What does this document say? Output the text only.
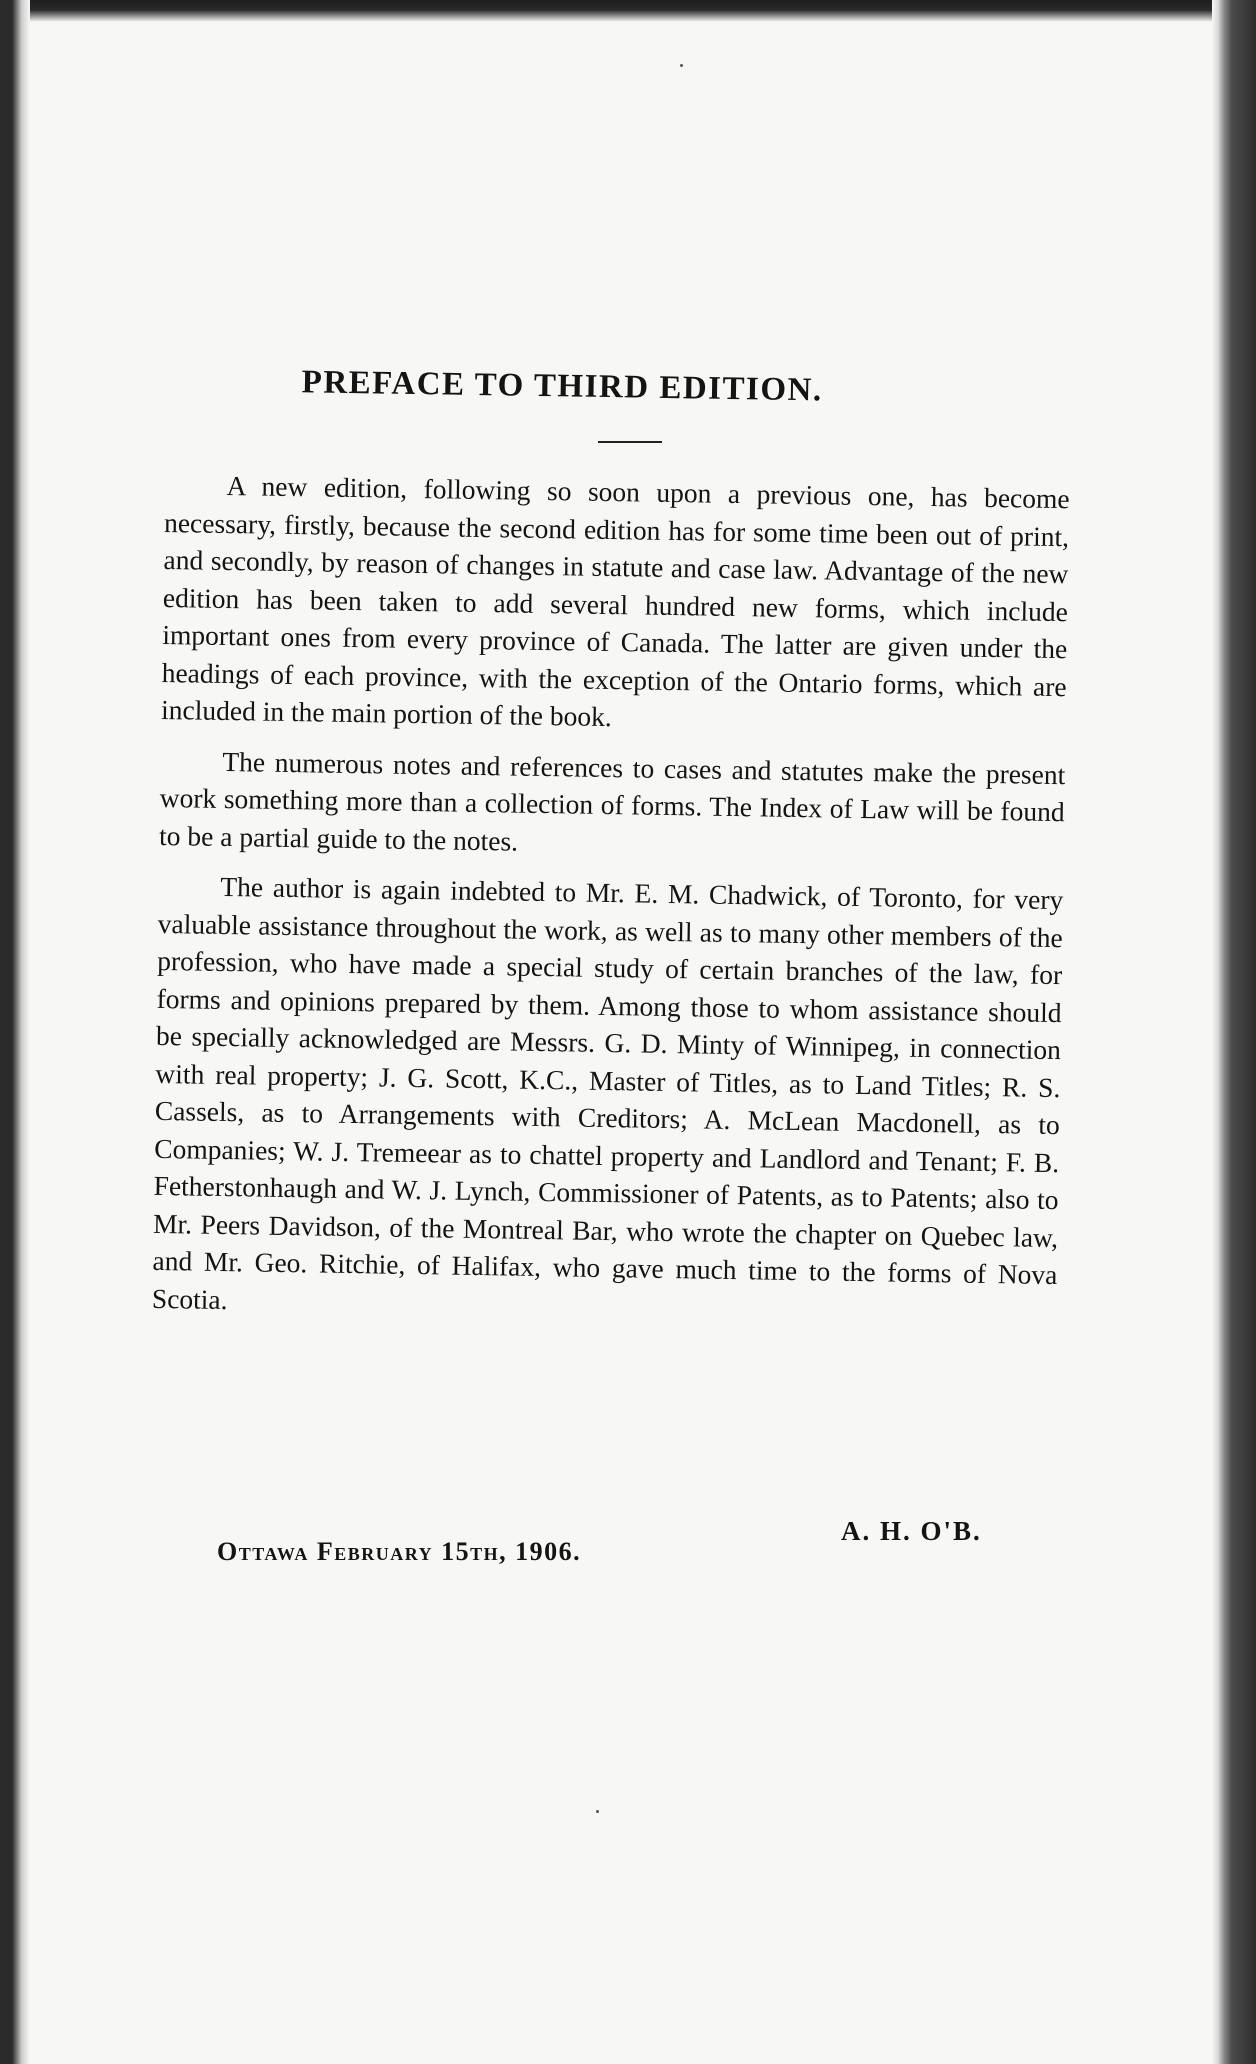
PREFACE TO THIRD EDITION.

A new edition, following so soon upon a previous one, has become necessary, firstly, because the second edition has for some time been out of print, and secondly, by reason of changes in statute and case law. Advantage of the new edition has been taken to add several hundred new forms, which include important ones from every province of Canada. The latter are given under the headings of each province, with the exception of the Ontario forms, which are included in the main portion of the book.

The numerous notes and references to cases and statutes make the present work something more than a collection of forms. The Index of Law will be found to be a partial guide to the notes.

The author is again indebted to Mr. E. M. Chadwick, of Toronto, for very valuable assistance throughout the work, as well as to many other members of the profession, who have made a special study of certain branches of the law, for forms and opinions prepared by them. Among those to whom assistance should be specially acknowledged are Messrs. G. D. Minty of Winnipeg, in connection with real property; J. G. Scott, K.C., Master of Titles, as to Land Titles; R. S. Cassels, as to Arrangements with Creditors; A. McLean Macdonell, as to Companies; W. J. Tremeear as to chattel property and Landlord and Tenant; F. B. Fetherstonhaugh and W. J. Lynch, Commissioner of Patents, as to Patents; also to Mr. Peers Davidson, of the Montreal Bar, who wrote the chapter on Quebec law, and Mr. Geo. Ritchie, of Halifax, who gave much time to the forms of Nova Scotia.

A. H. O'B.
Ottawa February 15th, 1906.
